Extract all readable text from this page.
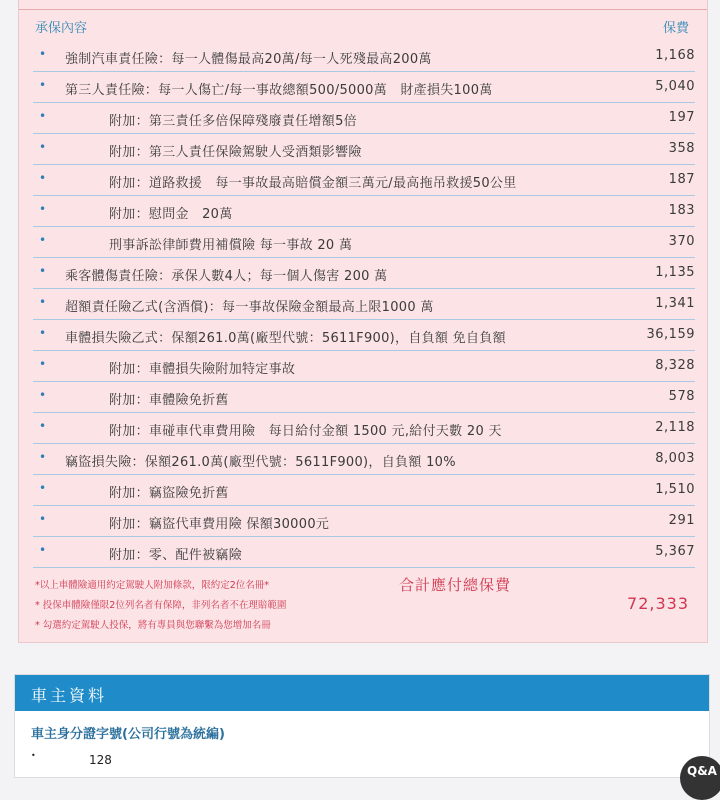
承保內容	保費
• 強制汽車責任險：每一人體傷最高20萬/每一人死殘最高200萬	1,168
• 第三人責任險：每一人傷亡/每一事故總額500/5000萬　財產損失100萬	5,040
•	附加：第三責任多倍保障殘廢責任增額5倍	197
•	附加：第三人責任保險駕駛人受酒類影響險	358
•	附加：道路救援　每一事故最高賠償金額三萬元/最高拖吊救援50公里	187
•	附加：慰問金　20萬	183
•	刑事訴訟律師費用補償險 每一事故 20 萬	370
• 乘客體傷責任險：承保人數4人；每一個人傷害 200 萬	1,135
• 超額責任險乙式(含酒償)：每一事故保險金額最高上限1000 萬	1,341
• 車體損失險乙式：保額261.0萬(廠型代號：5611F900)，自負額 免自負額	36,159
•	附加：車體損失險附加特定事故	8,328
•	附加：車體險免折舊	578
•	附加：車碰車代車費用險　每日給付金額 1500 元,給付天數 20 天	2,118
• 竊盜損失險：保額261.0萬(廠型代號：5611F900)，自負額 10%	8,003
•	附加：竊盜險免折舊	1,510
•	附加：竊盜代車費用險 保額30000元	291
•	附加：零、配件被竊險	5,367
*以上車體險適用約定駕駛人附加條款，限約定2位名冊*
* 投保車體險僅限2位列名者有保障，非列名者不在理賠範圍
* 勾選約定駕駛人投保，將有專員與您聯繫為您增加名冊
合計應付總保費
72,333
車主資料
車主身分證字號(公司行號為統編)
•	128
Q&A
